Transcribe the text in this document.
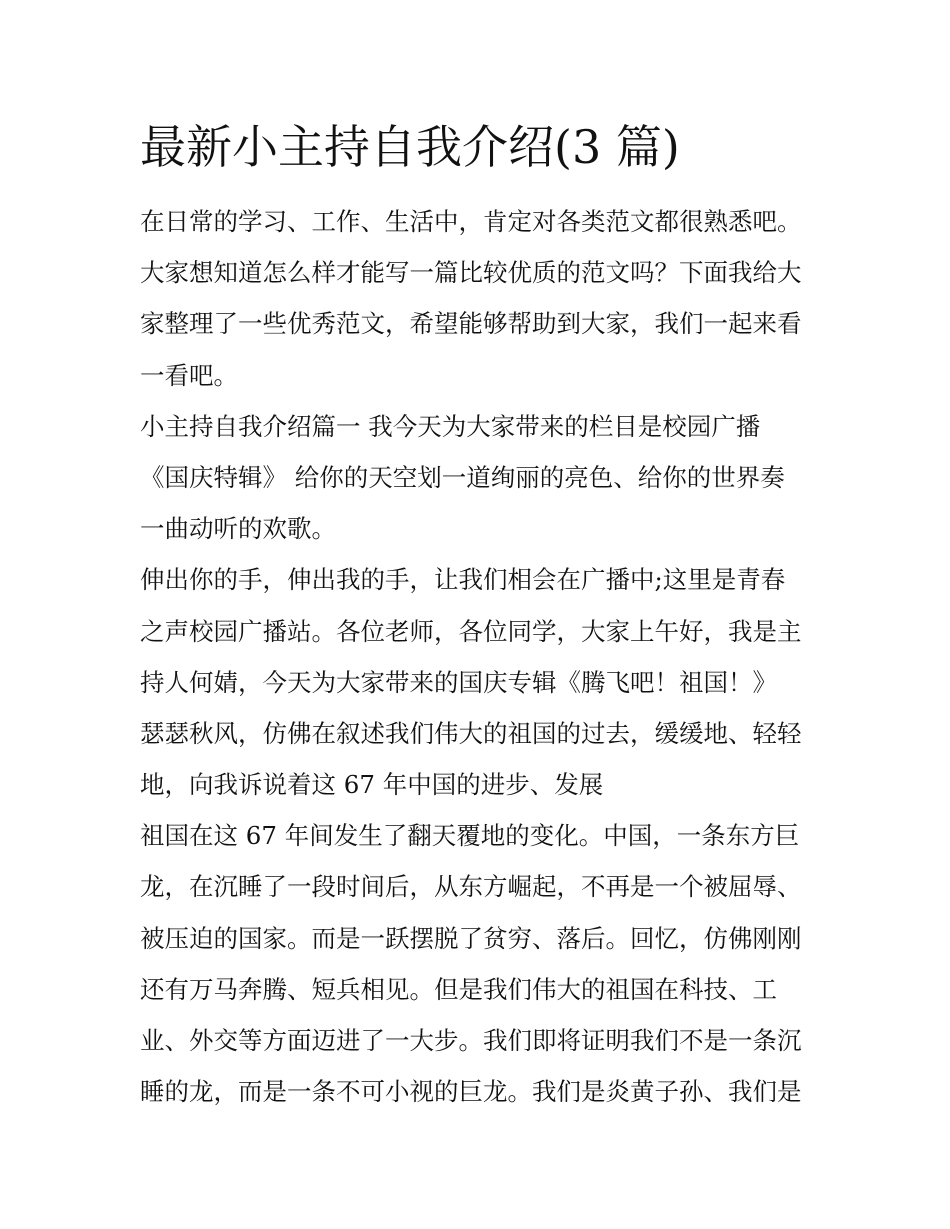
最新小主持自我介绍(3 篇)
在日常的学习、工作、生活中，肯定对各类范文都很熟悉吧。
大家想知道怎么样才能写一篇比较优质的范文吗？下面我给大
家整理了一些优秀范文，希望能够帮助到大家，我们一起来看
一看吧。
小主持自我介绍篇一 我今天为大家带来的栏目是校园广播
《国庆特辑》 给你的天空划一道绚丽的亮色、给你的世界奏
一曲动听的欢歌。
伸出你的手，伸出我的手，让我们相会在广播中;这里是青春
之声校园广播站。各位老师，各位同学，大家上午好，我是主
持人何婧，今天为大家带来的国庆专辑《腾飞吧！祖国！》
瑟瑟秋风，仿佛在叙述我们伟大的祖国的过去，缓缓地、轻轻
地，向我诉说着这 67 年中国的进步、发展
祖国在这 67 年间发生了翻天覆地的变化。中国，一条东方巨
龙，在沉睡了一段时间后，从东方崛起，不再是一个被屈辱、
被压迫的国家。而是一跃摆脱了贫穷、落后。回忆，仿佛刚刚
还有万马奔腾、短兵相见。但是我们伟大的祖国在科技、工
业、外交等方面迈进了一大步。我们即将证明我们不是一条沉
睡的龙，而是一条不可小视的巨龙。我们是炎黄子孙、我们是
